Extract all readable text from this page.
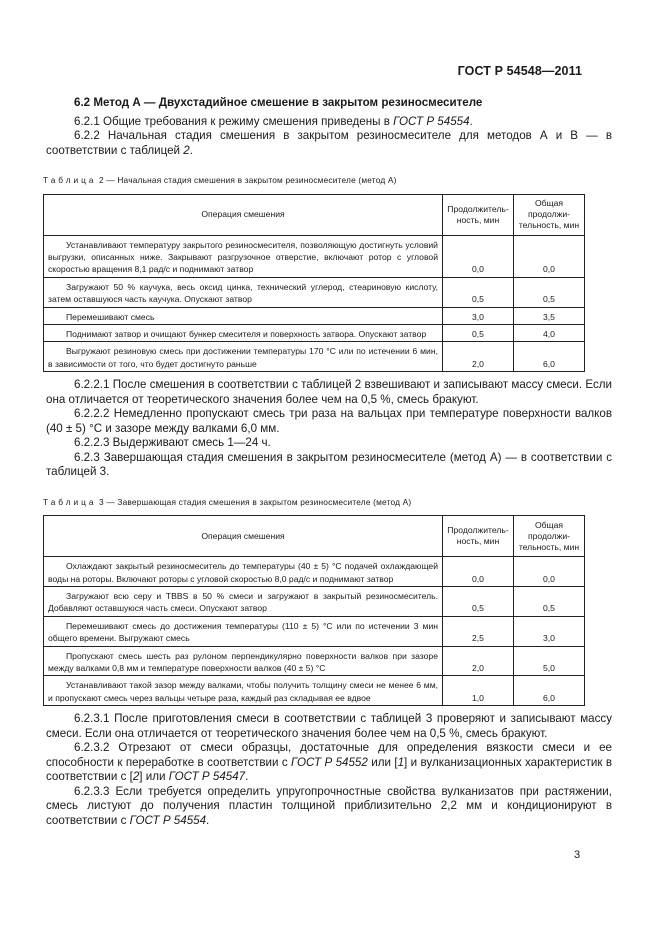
ГОСТ Р 54548—2011
6.2 Метод А — Двухстадийное смешение в закрытом резиносмесителе

6.2.1 Общие требования к режиму смешения приведены в ГОСТ Р 54554.

6.2.2 Начальная стадия смешения в закрытом резиносмесителе для методов А и В — в соответствии с таблицей 2.

Таблица 2 — Начальная стадия смешения в закрытом резиносмесителе (метод А)
Операция смешения	Продолжитель-ность, мин	Общая продолжи-тельность, мин
Устанавливают температуру закрытого резиносмесителя, позволяющую достигнуть условий выгрузки, описанных ниже. Закрывают разгрузочное отверстие, включают ротор с угловой скоростью вращения 8,1 рад/с и поднимают затвор	0,0	0,0
Загружают 50 % каучука, весь оксид цинка, технический углерод, стеариновую кислоту, затем оставшуюся часть каучука. Опускают затвор	0,5	0,5
Перемешивают смесь	3,0	3,5
Поднимают затвор и очищают бункер смесителя и поверхность затвора. Опускают затвор	0,5	4,0
Выгружают резиновую смесь при достижении температуры 170 °С или по истечении 6 мин, в зависимости от того, что будет достигнуто раньше	2,0	6,0

6.2.2.1 После смешения в соответствии с таблицей 2 взвешивают и записывают массу смеси. Если она отличается от теоретического значения более чем на 0,5 %, смесь бракуют.

6.2.2.2 Немедленно пропускают смесь три раза на вальцах при температуре поверхности валков (40 ± 5) °С и зазоре между валками 6,0 мм.

6.2.2.3 Выдерживают смесь 1—24 ч.

6.2.3 Завершающая стадия смешения в закрытом резиносмесителе (метод А) — в соответствии с таблицей 3.

Таблица 3 — Завершающая стадия смешения в закрытом резиносмесителе (метод А)
Операция смешения	Продолжитель-ность, мин	Общая продолжи-тельность, мин
Охлаждают закрытый резиносмеситель до температуры (40 ± 5) °С подачей охлаждающей воды на роторы. Включают роторы с угловой скоростью 8,0 рад/с и поднимают затвор	0,0	0,0
Загружают всю серу и TBBS в 50 % смеси и загружают в закрытый резиносмеситель. Добавляют оставшуюся часть смеси. Опускают затвор	0,5	0,5
Перемешивают смесь до достижения температуры (110 ± 5) °С или по истечении 3 мин общего времени. Выгружают смесь	2,5	3,0
Пропускают смесь шесть раз рулоном перпендикулярно поверхности валков при зазоре между валками 0,8 мм и температуре поверхности валков (40 ± 5) °С	2,0	5,0
Устанавливают такой зазор между валками, чтобы получить толщину смеси не менее 6 мм, и пропускают смесь через вальцы четыре раза, каждый раз складывая ее вдвое	1,0	6,0

6.2.3.1 После приготовления смеси в соответствии с таблицей 3 проверяют и записывают массу смеси. Если она отличается от теоретического значения более чем на 0,5 %, смесь бракуют.

6.2.3.2 Отрезают от смеси образцы, достаточные для определения вязкости смеси и ее способности к переработке в соответствии с ГОСТ Р 54552 или [1] и вулканизационных характеристик в соответствии с [2] или ГОСТ Р 54547.

6.2.3.3 Если требуется определить упругопрочностные свойства вулканизатов при растяжении, смесь листуют до получения пластин толщиной приблизительно 2,2 мм и кондиционируют в соответствии с ГОСТ Р 54554.

3
